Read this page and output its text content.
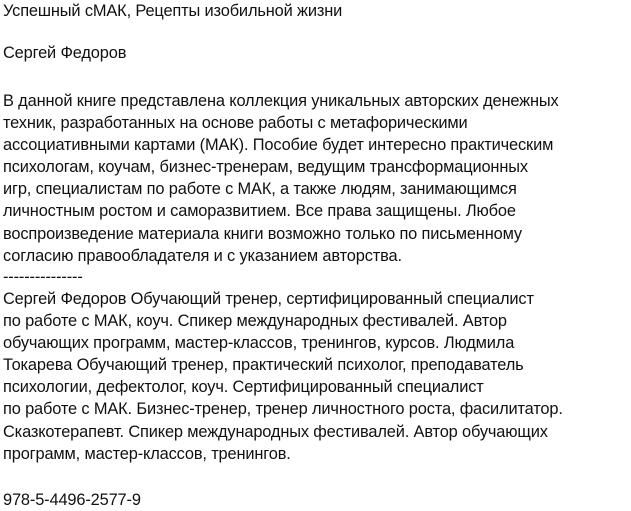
Успешный сМАК, Рецепты изобильной жизни
Сергей Федоров
В данной книге представлена коллекция уникальных авторских денежных
техник, разработанных на основе работы с метафорическими
ассоциативными картами (МАК). Пособие будет интересно практическим
психологам, коучам, бизнес-тренерам, ведущим трансформационных
игр, специалистам по работе с МАК, а также людям, занимающимся
личностным ростом и саморазвитием. Все права защищены. Любое
воспроизведение материала книги возможно только по письменному
согласию правообладателя и с указанием авторства.
---------------
Сергей Федоров Обучающий тренер, сертифицированный специалист
по работе с МАК, коуч. Спикер международных фестивалей. Автор
обучающих программ, мастер-классов, тренингов, курсов. Людмила
Токарева Обучающий тренер, практический психолог, преподаватель
психологии, дефектолог, коуч. Сертифицированный специалист
по работе с МАК. Бизнес-тренер, тренер личностного роста, фасилитатор.
Сказкотерапевт. Спикер международных фестивалей. Автор обучающих
программ, мастер-классов, тренингов.
978-5-4496-2577-9
